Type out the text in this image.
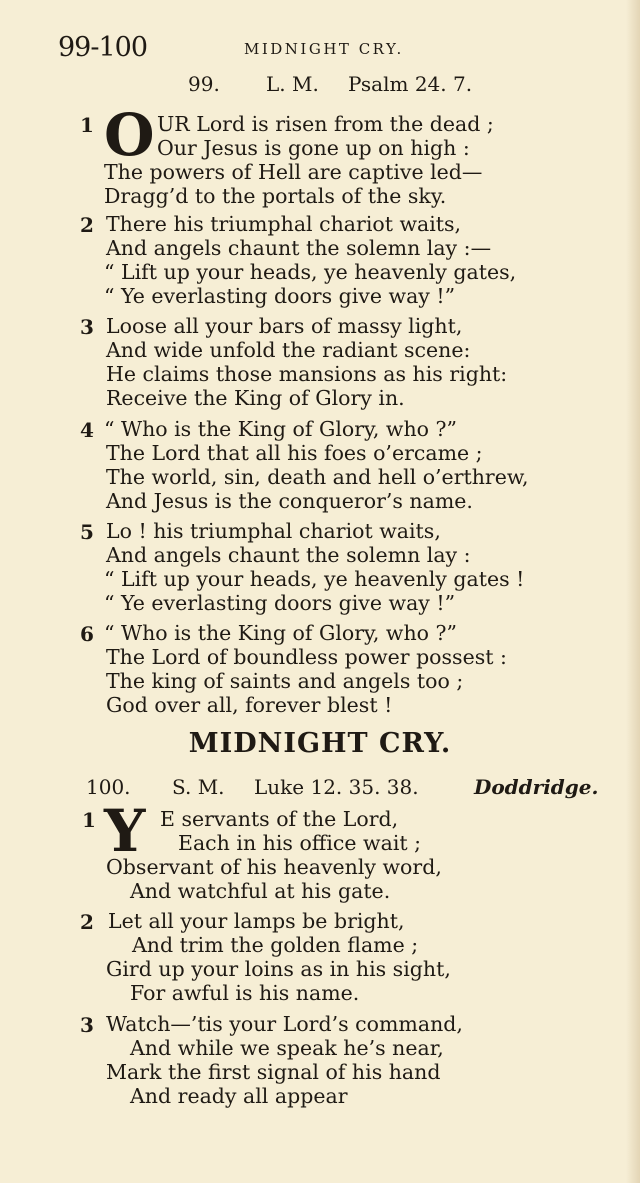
99-100	MIDNIGHT CRY.
99. L. M. Psalm 24. 7.
1 O UR Lord is risen from the dead ;
Our Jesus is gone up on high :
The powers of Hell are captive led—
Dragg’d to the portals of the sky.
2 There his triumphal chariot waits,
And angels chaunt the solemn lay :—
“ Lift up your heads, ye heavenly gates,
“ Ye everlasting doors give way !”
3 Loose all your bars of massy light,
And wide unfold the radiant scene:
He claims those mansions as his right:
Receive the King of Glory in.
4 “ Who is the King of Glory, who ?”
The Lord that all his foes o’ercame ;
The world, sin, death and hell o’erthrew,
And Jesus is the conqueror’s name.
5 Lo ! his triumphal chariot waits,
And angels chaunt the solemn lay :
“ Lift up your heads, ye heavenly gates !
“ Ye everlasting doors give way !”
6 “ Who is the King of Glory, who ?”
The Lord of boundless power possest :
The king of saints and angels too ;
God over all, forever blest !
MIDNIGHT CRY.
100. S. M. Luke 12. 35. 38.	Doddridge.
1 Y E servants of the Lord,
Each in his office wait ;
Observant of his heavenly word,
And watchful at his gate.
2 Let all your lamps be bright,
And trim the golden flame ;
Gird up your loins as in his sight,
For awful is his name.
3 Watch—’tis your Lord’s command,
And while we speak he’s near,
Mark the first signal of his hand
And ready all appear
